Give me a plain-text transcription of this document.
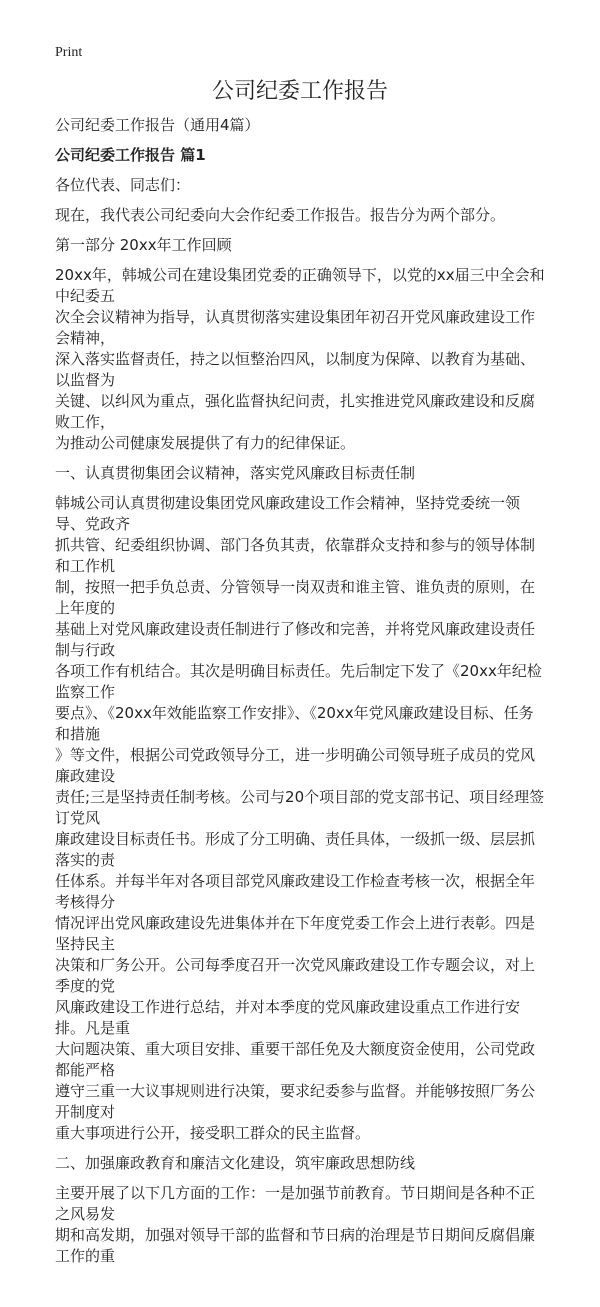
Print
公司纪委工作报告
公司纪委工作报告（通用4篇）
公司纪委工作报告 篇1
各位代表、同志们：
现在，我代表公司纪委向大会作纪委工作报告。报告分为两个部分。
第一部分 20xx年工作回顾
20xx年，韩城公司在建设集团党委的正确领导下，以党的xx届三中全会和中纪委五
次全会议精神为指导，认真贯彻落实建设集团年初召开党风廉政建设工作会精神，
深入落实监督责任，持之以恒整治四风，以制度为保障、以教育为基础、以监督为
关键、以纠风为重点，强化监督执纪问责，扎实推进党风廉政建设和反腐败工作，
为推动公司健康发展提供了有力的纪律保证。
一、认真贯彻集团会议精神，落实党风廉政目标责任制
韩城公司认真贯彻建设集团党风廉政建设工作会精神，坚持党委统一领导、党政齐
抓共管、纪委组织协调、部门各负其责，依靠群众支持和参与的领导体制和工作机
制，按照一把手负总责、分管领导一岗双责和谁主管、谁负责的原则，在上年度的
基础上对党风廉政建设责任制进行了修改和完善，并将党风廉政建设责任制与行政
各项工作有机结合。其次是明确目标责任。先后制定下发了《20xx年纪检监察工作
要点》、《20xx年效能监察工作安排》、《20xx年党风廉政建设目标、任务和措施
》等文件，根据公司党政领导分工，进一步明确公司领导班子成员的党风廉政建设
责任;三是坚持责任制考核。公司与20个项目部的党支部书记、项目经理签订党风
廉政建设目标责任书。形成了分工明确、责任具体，一级抓一级、层层抓落实的责
任体系。并每半年对各项目部党风廉政建设工作检查考核一次，根据全年考核得分
情况评出党风廉政建设先进集体并在下年度党委工作会上进行表彰。四是坚持民主
决策和厂务公开。公司每季度召开一次党风廉政建设工作专题会议，对上季度的党
风廉政建设工作进行总结，并对本季度的党风廉政建设重点工作进行安排。凡是重
大问题决策、重大项目安排、重要干部任免及大额度资金使用，公司党政都能严格
遵守三重一大议事规则进行决策，要求纪委参与监督。并能够按照厂务公开制度对
重大事项进行公开，接受职工群众的民主监督。
二、加强廉政教育和廉洁文化建设，筑牢廉政思想防线
主要开展了以下几方面的工作：一是加强节前教育。节日期间是各种不正之风易发
期和高发期，加强对领导干部的监督和节日病的治理是节日期间反腐倡廉工作的重
